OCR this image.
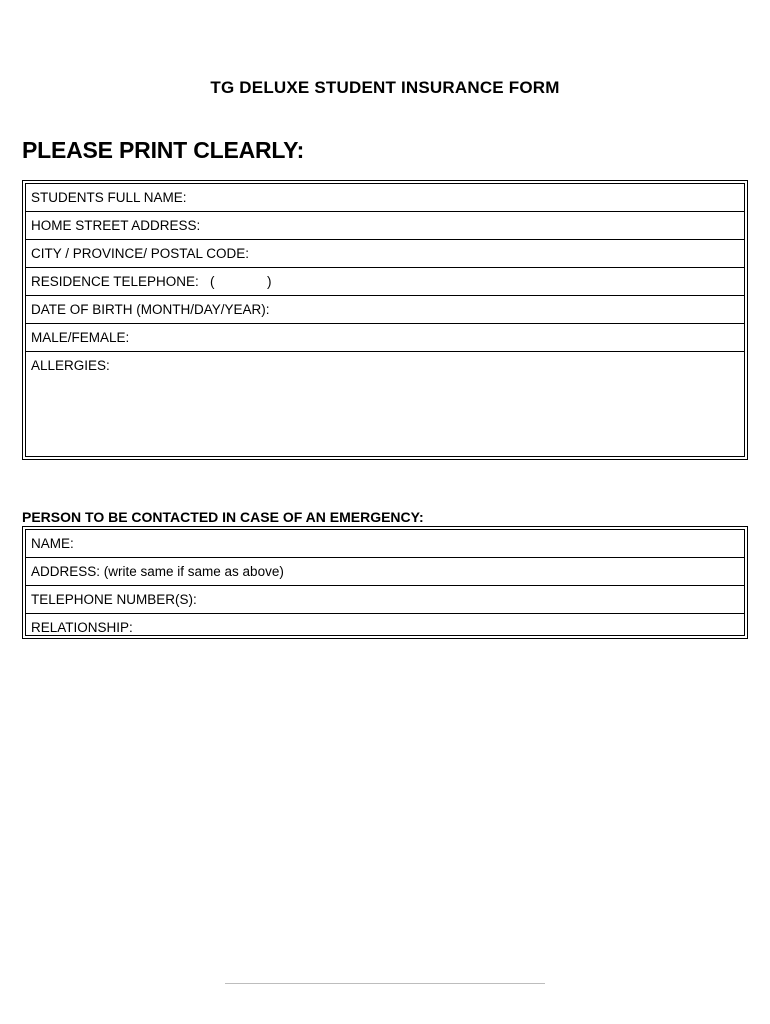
TG DELUXE STUDENT INSURANCE FORM
PLEASE PRINT CLEARLY:
STUDENTS FULL NAME:
HOME STREET ADDRESS:
CITY / PROVINCE/ POSTAL CODE:
RESIDENCE TELEPHONE:   (              )
DATE OF BIRTH (MONTH/DAY/YEAR):
MALE/FEMALE:
ALLERGIES:
PERSON TO BE CONTACTED IN CASE OF AN EMERGENCY:
NAME:
ADDRESS: (write same if same as above)
TELEPHONE NUMBER(S):
RELATIONSHIP:
